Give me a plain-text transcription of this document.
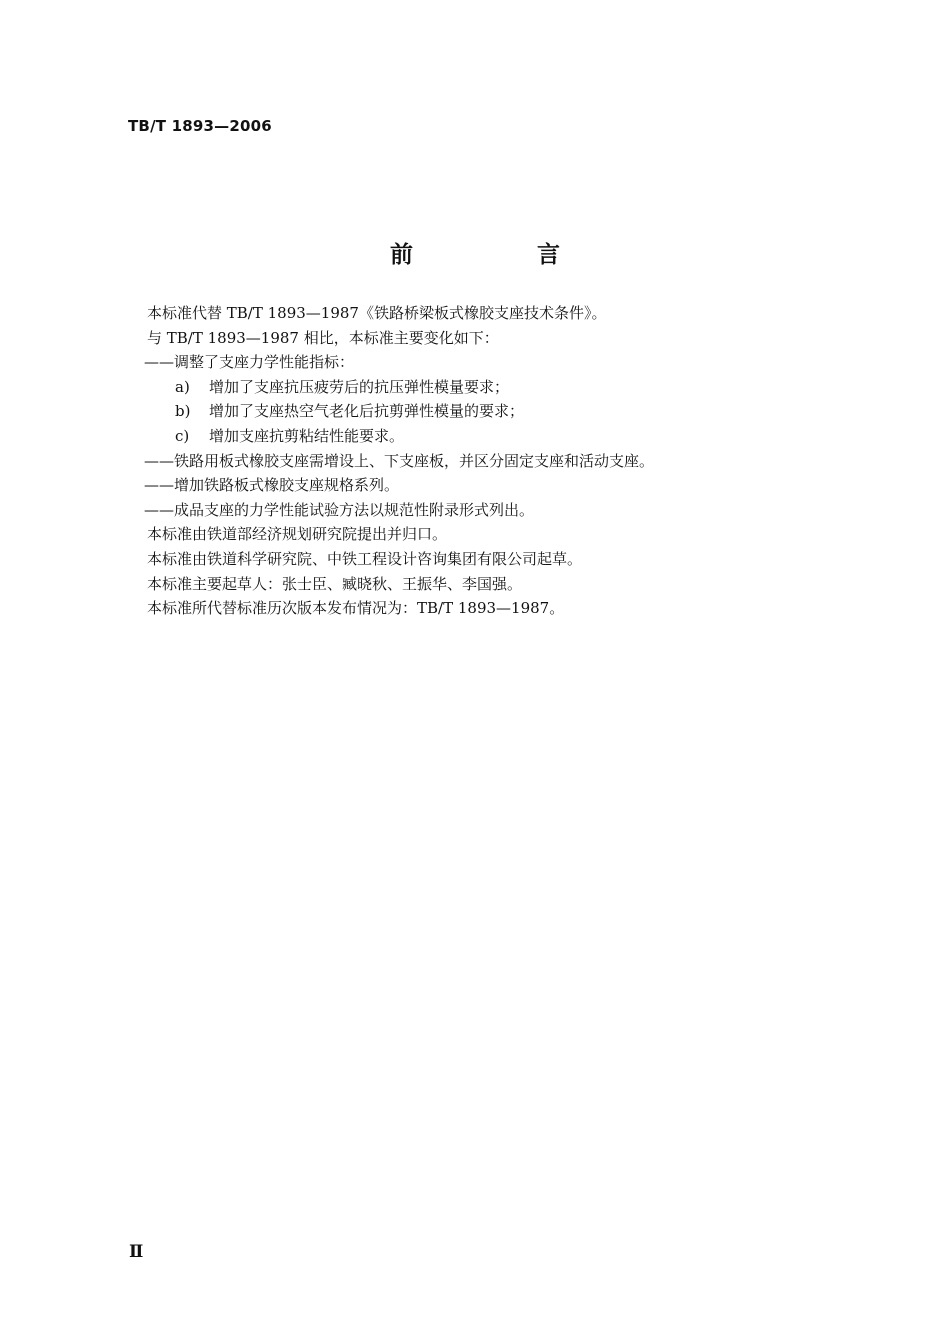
TB/T 1893—2006
前 言
本标准代替 TB/T 1893—1987《铁路桥梁板式橡胶支座技术条件》。
与 TB/T 1893—1987 相比，本标准主要变化如下：
——调整了支座力学性能指标：
a) 增加了支座抗压疲劳后的抗压弹性模量要求；
b) 增加了支座热空气老化后抗剪弹性模量的要求；
c) 增加支座抗剪粘结性能要求。
——铁路用板式橡胶支座需增设上、下支座板，并区分固定支座和活动支座。
——增加铁路板式橡胶支座规格系列。
——成品支座的力学性能试验方法以规范性附录形式列出。
本标准由铁道部经济规划研究院提出并归口。
本标准由铁道科学研究院、中铁工程设计咨询集团有限公司起草。
本标准主要起草人：张士臣、臧晓秋、王振华、李国强。
本标准所代替标准历次版本发布情况为：TB/T 1893—1987。
Ⅱ
